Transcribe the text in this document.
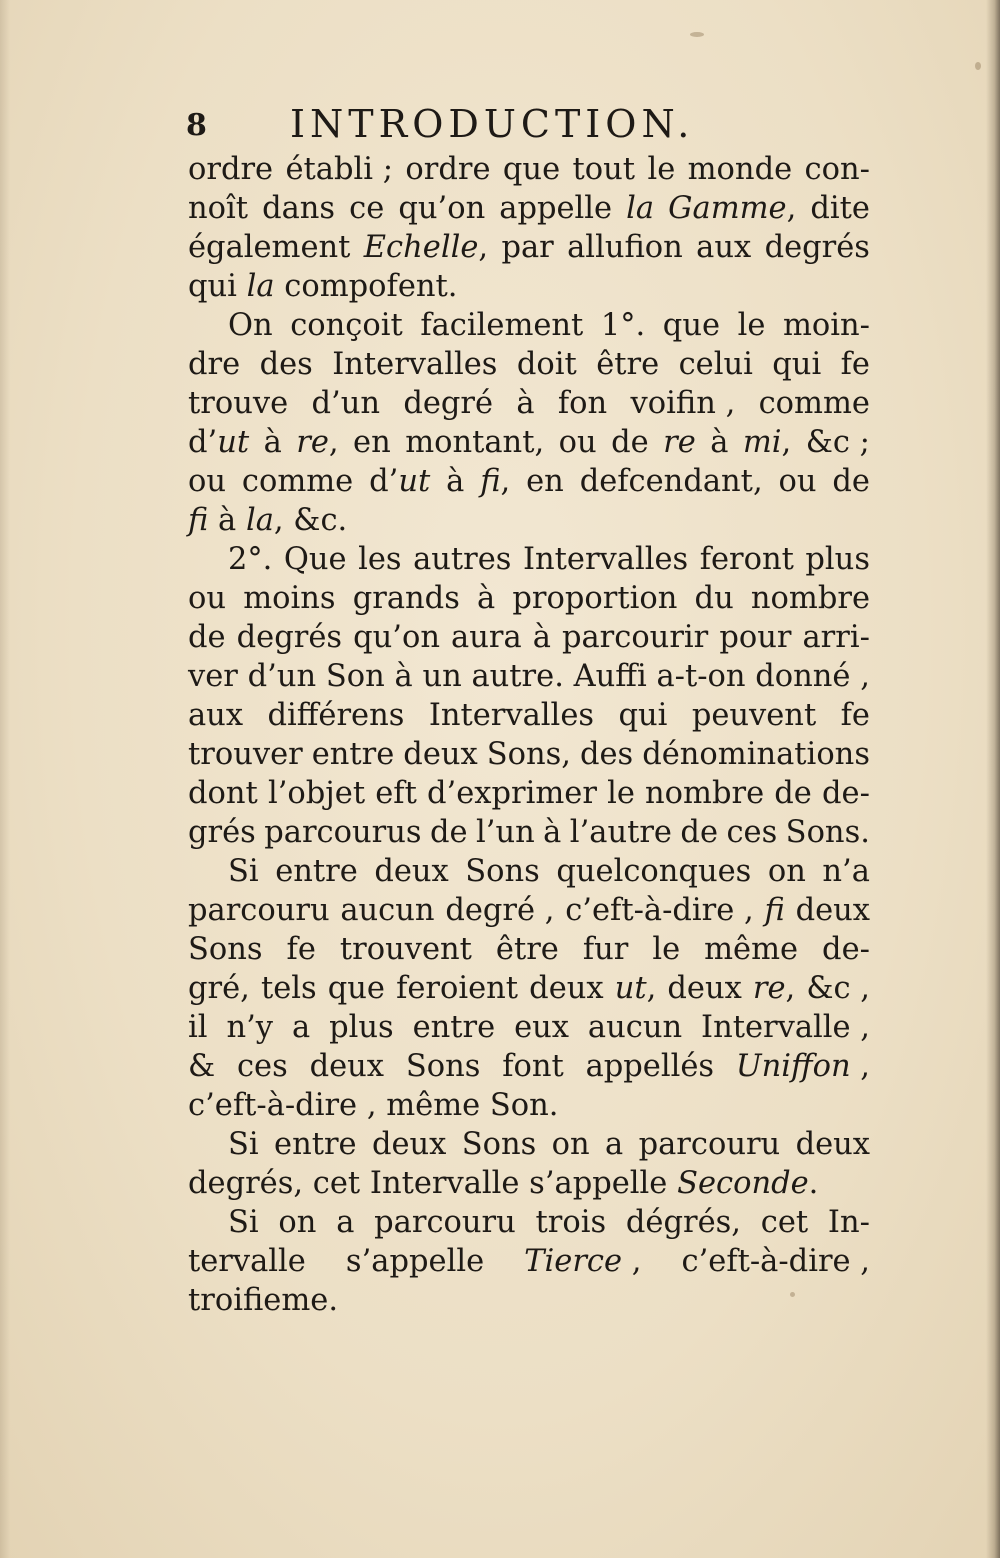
8 INTRODUCTION.
ordre établi ; ordre que tout le monde con-
noît dans ce qu’on appelle la Gamme, dite
également Echelle, par allufion aux degrés
qui la compofent.
On conçoit facilement 1°. que le moin-
dre des Intervalles doit être celui qui fe
trouve d’un degré à fon voifin , comme
d’ut à re, en montant, ou de re à mi, &c ;
ou comme d’ut à fi, en defcendant, ou de
fi à la, &c.
2°. Que les autres Intervalles feront plus
ou moins grands à proportion du nombre
de degrés qu’on aura à parcourir pour arri-
ver d’un Son à un autre. Auffi a-t-on donné ,
aux différens Intervalles qui peuvent fe
trouver entre deux Sons, des dénominations
dont l’objet eft d’exprimer le nombre de de-
grés parcourus de l’un à l’autre de ces Sons.
Si entre deux Sons quelconques on n’a
parcouru aucun degré , c’eft-à-dire , fi deux
Sons fe trouvent être fur le même de-
gré, tels que feroient deux ut, deux re, &c ,
il n’y a plus entre eux aucun Intervalle ,
& ces deux Sons font appellés Uniffon ,
c’eft-à-dire , même Son.
Si entre deux Sons on a parcouru deux
degrés, cet Intervalle s’appelle Seconde.
Si on a parcouru trois dégrés, cet In-
tervalle s’appelle Tierce , c’eft-à-dire ,
troifieme.
